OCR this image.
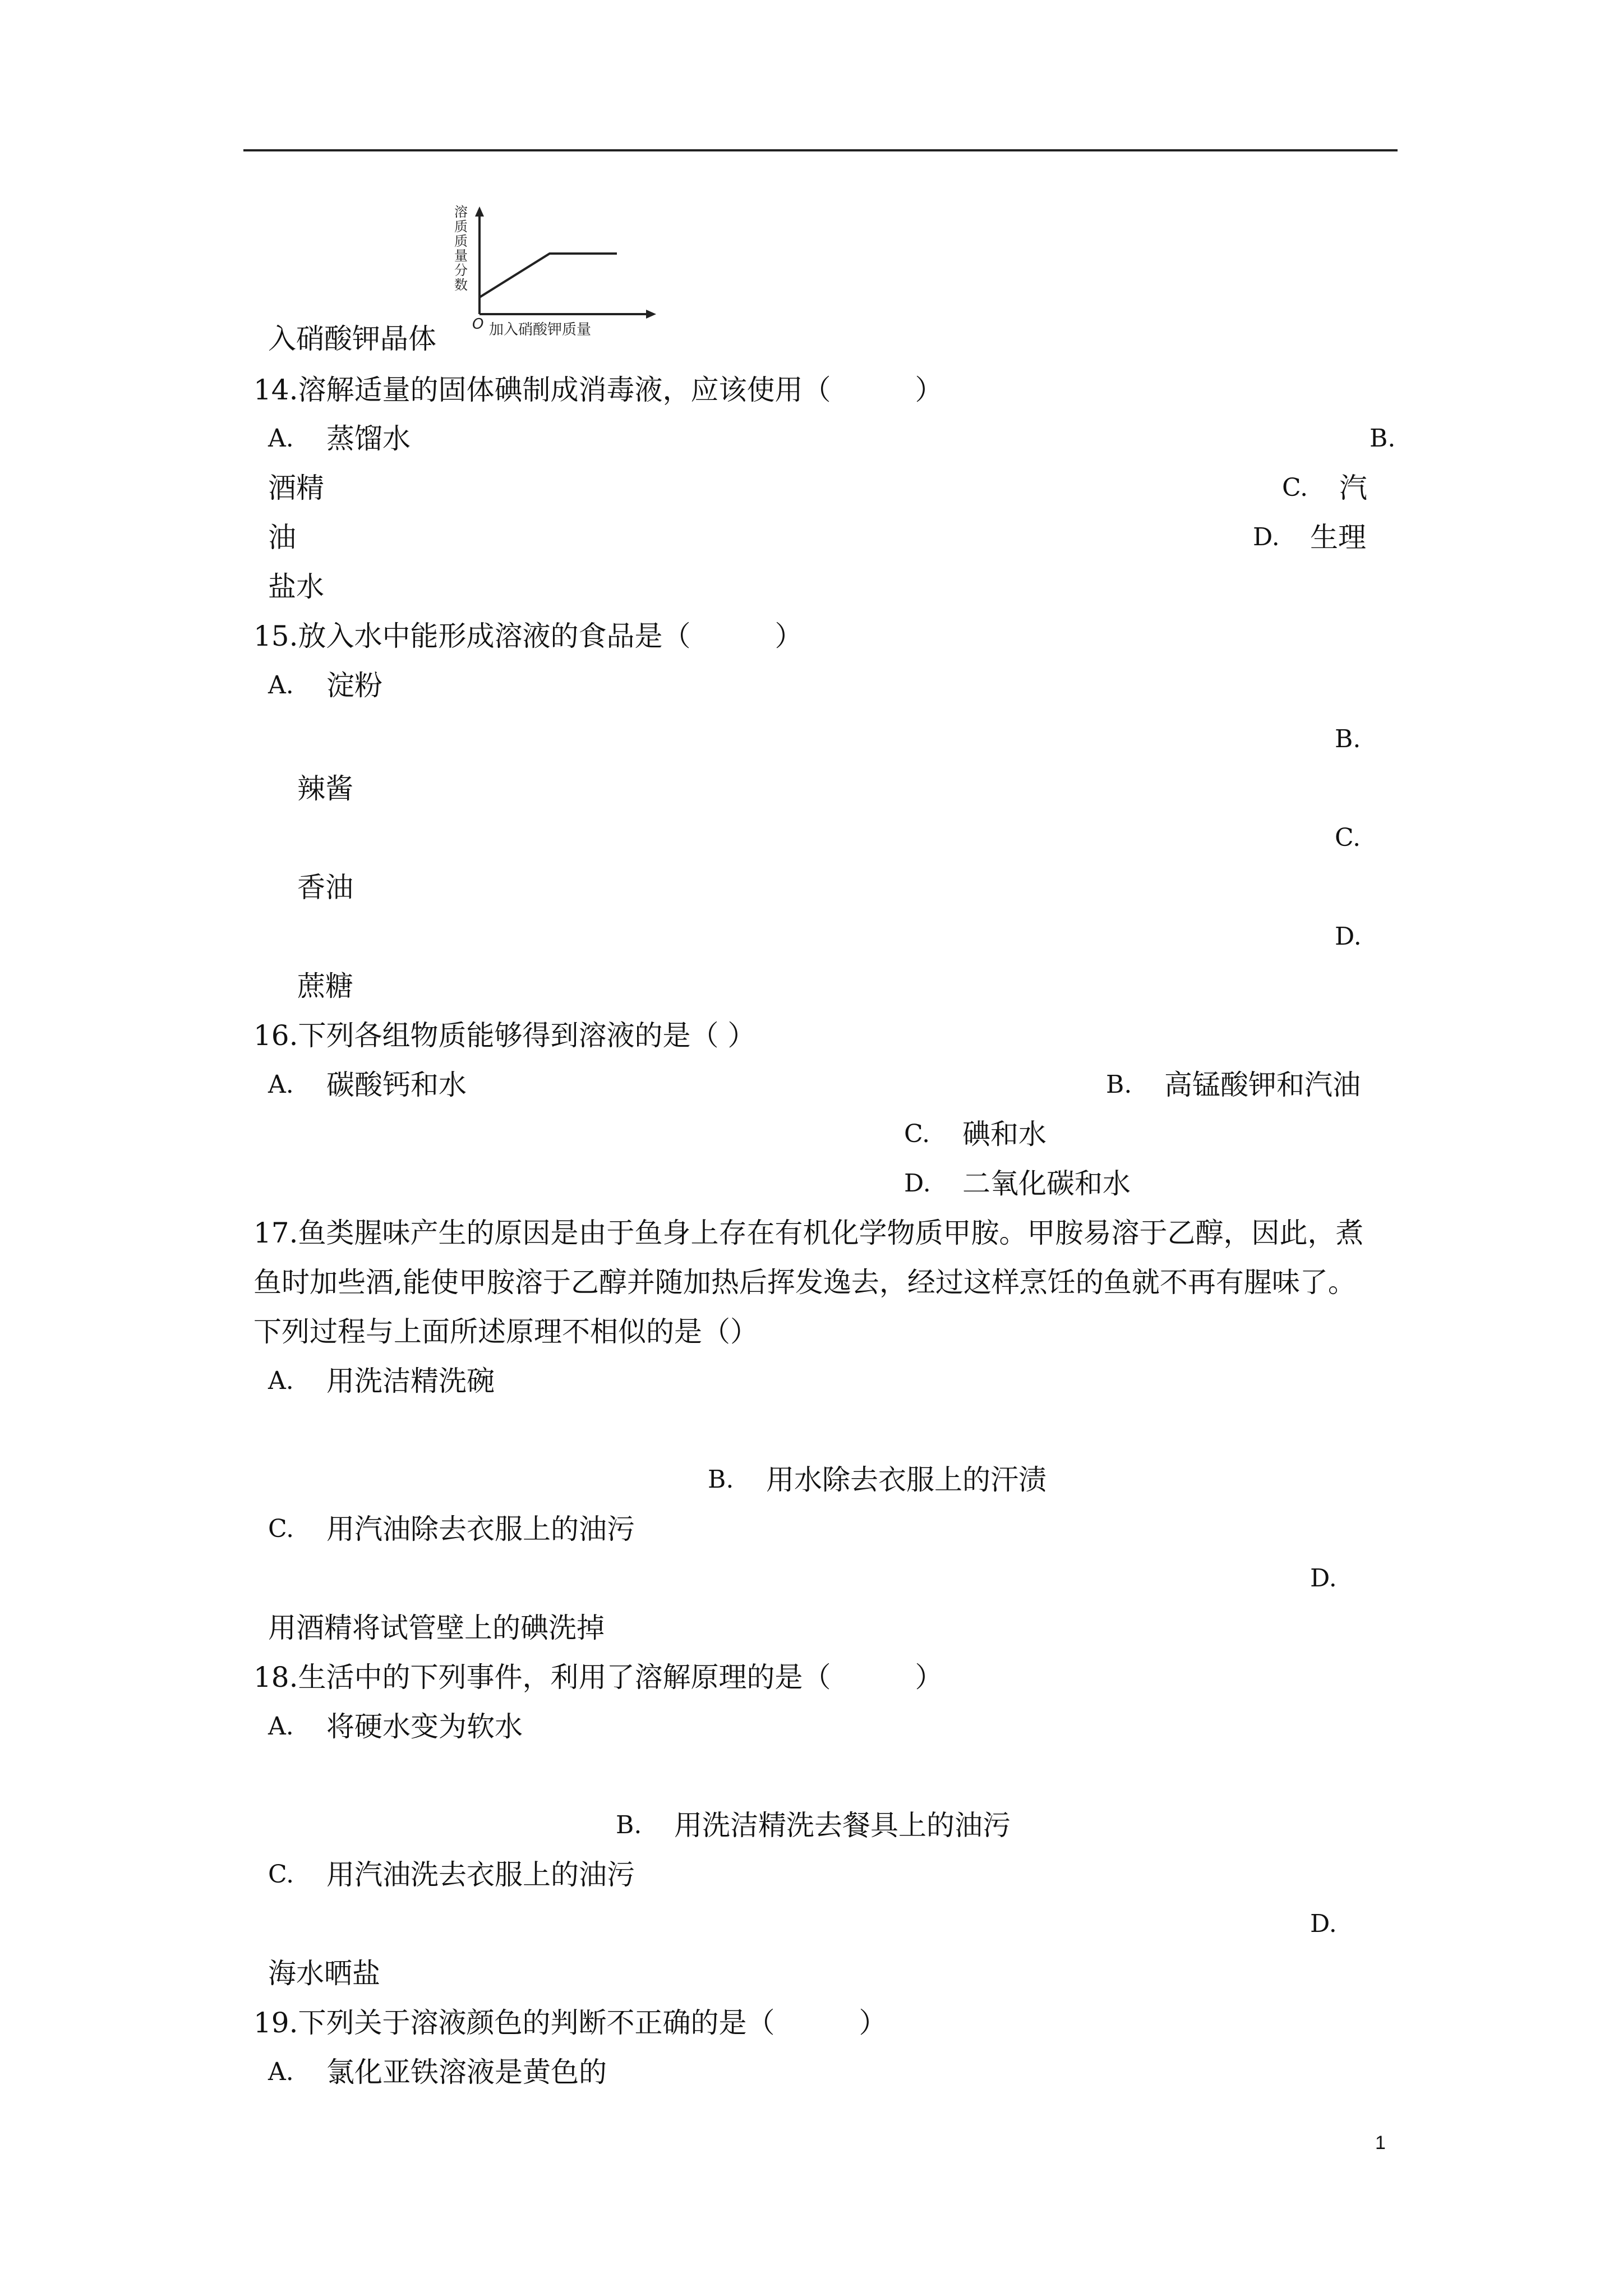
溶
质
质
量
分
数
O 加入硝酸钾质量
入硝酸钾晶体
14.溶解适量的固体碘制成消毒液，应该使用（　　　）
A. 蒸馏水	B.
酒精	C. 汽
油	D. 生理
盐水
15.放入水中能形成溶液的食品是（　　　）
A. 淀粉
B.
辣酱
C.
香油
D.
蔗糖
16.下列各组物质能够得到溶液的是（ ）
A. 碳酸钙和水	B. 高锰酸钾和汽油
C. 碘和水
D. 二氧化碳和水
17.鱼类腥味产生的原因是由于鱼身上存在有机化学物质甲胺。甲胺易溶于乙醇，因此，煮
鱼时加些酒,能使甲胺溶于乙醇并随加热后挥发逸去，经过这样烹饪的鱼就不再有腥味了。
下列过程与上面所述原理不相似的是（）
A. 用洗洁精洗碗
B. 用水除去衣服上的汗渍
C. 用汽油除去衣服上的油污
D.
用酒精将试管壁上的碘洗掉
18.生活中的下列事件，利用了溶解原理的是（　　　）
A. 将硬水变为软水
B. 用洗洁精洗去餐具上的油污
C. 用汽油洗去衣服上的油污
D.
海水晒盐
19.下列关于溶液颜色的判断不正确的是（　　　）
A. 氯化亚铁溶液是黄色的
1
